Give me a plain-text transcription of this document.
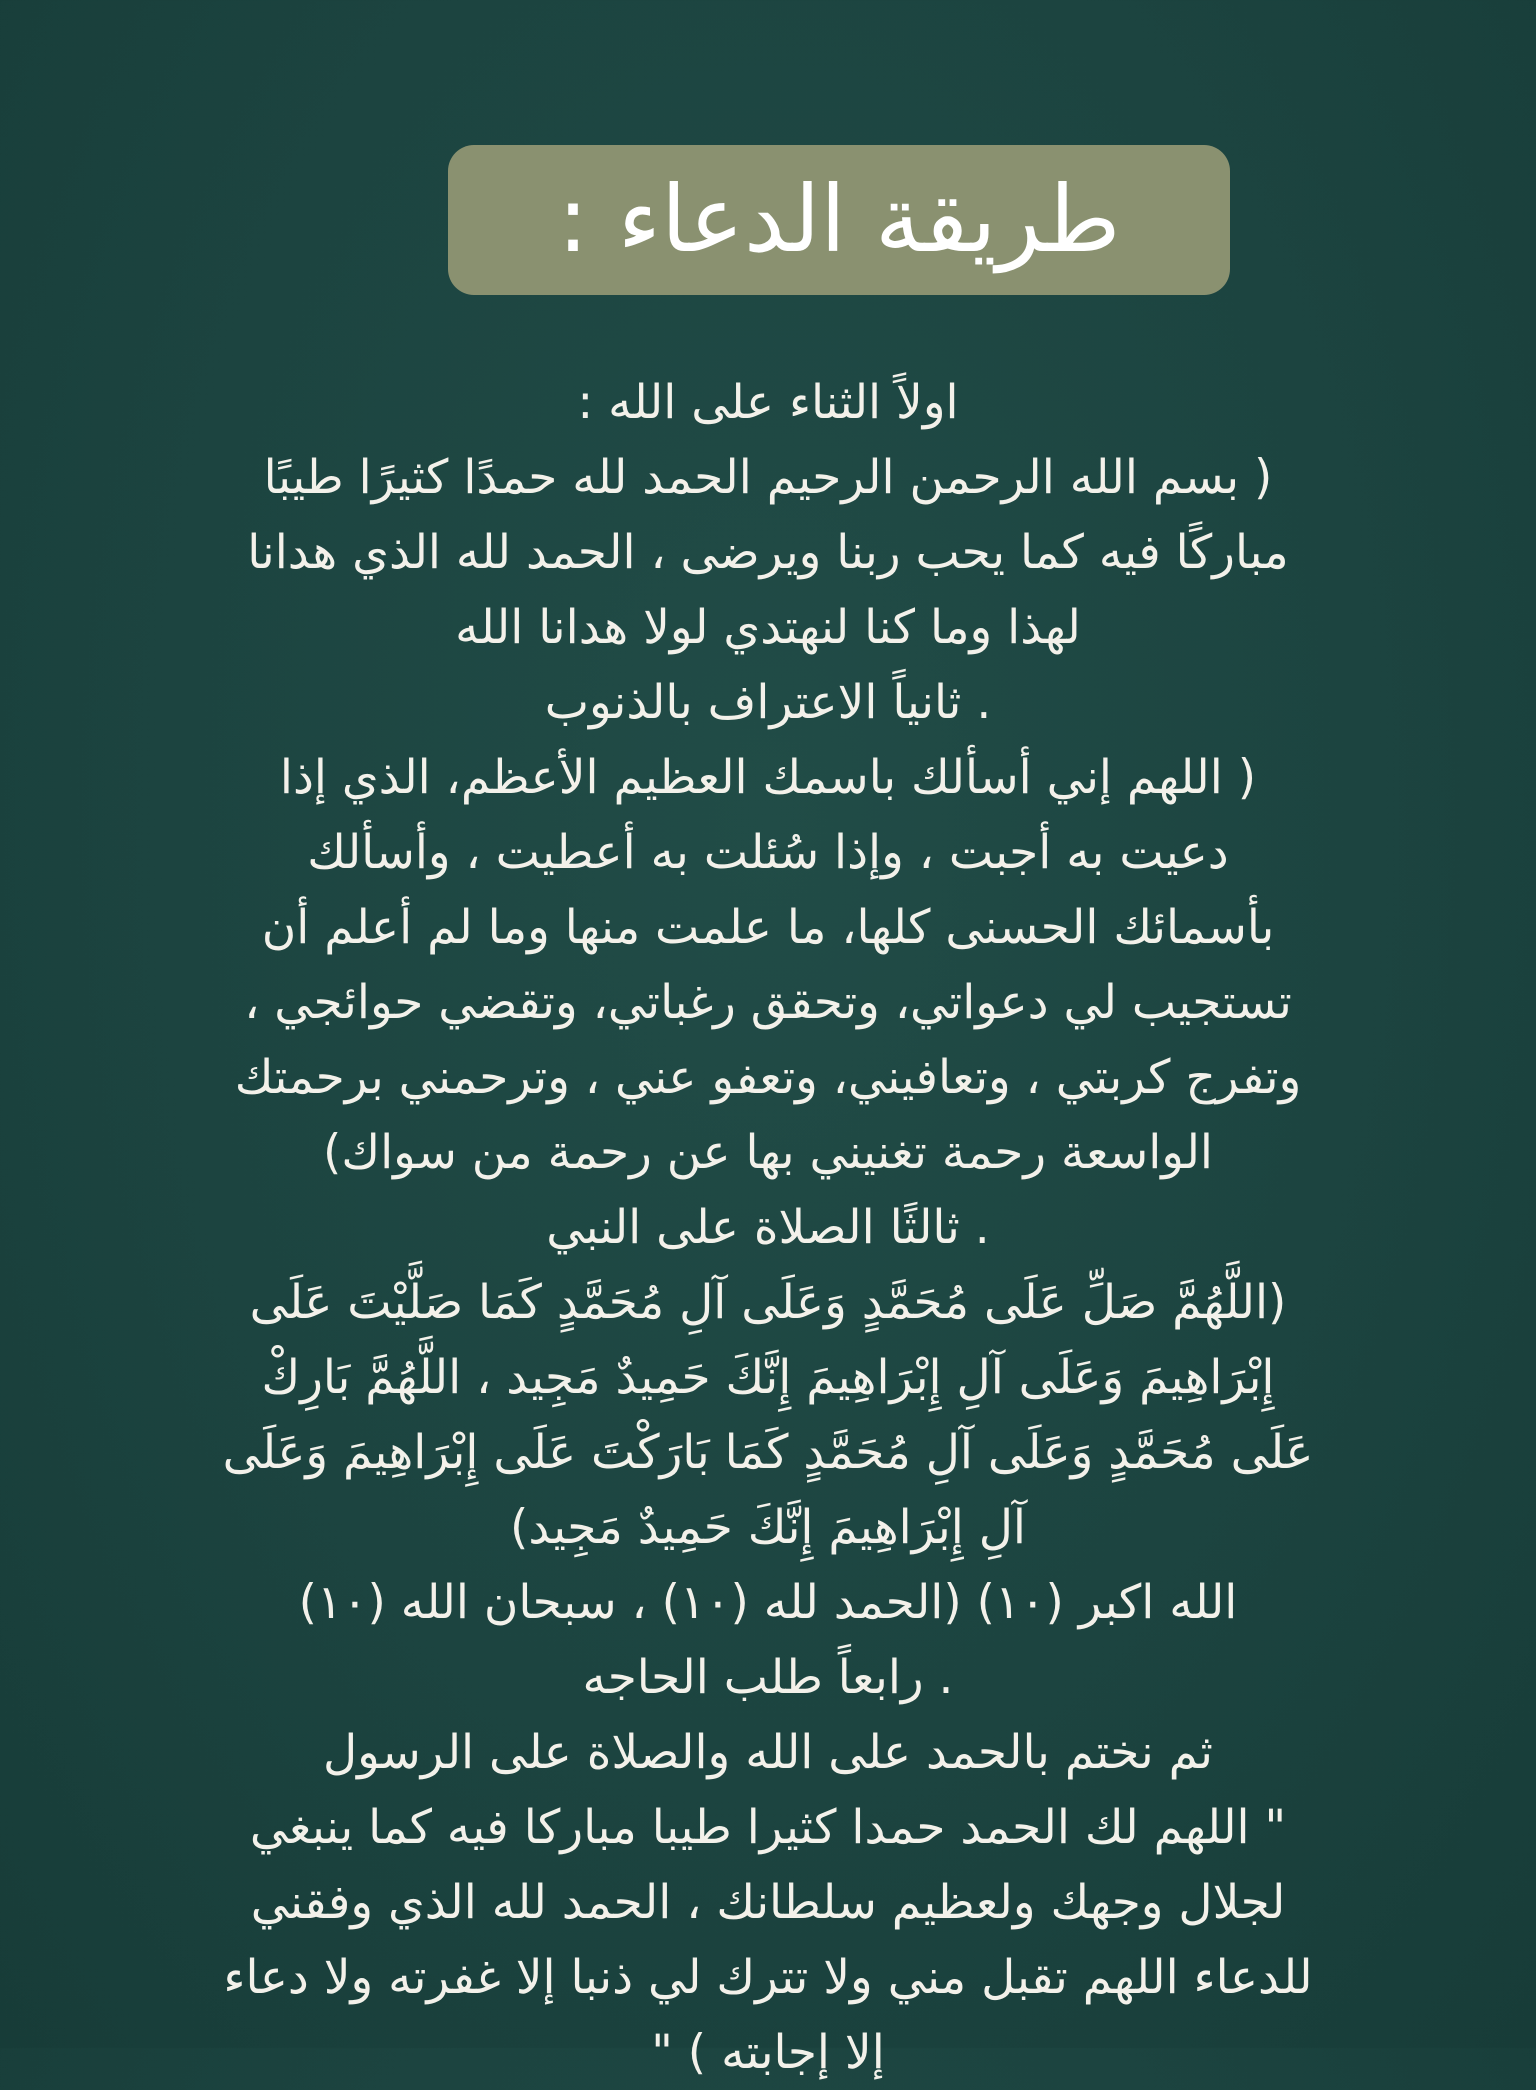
طريقة الدعاء :
اولاً الثناء على الله :
( بسم الله الرحمن الرحيم الحمد لله حمدًا كثيرًا طيبًا
مباركًا فيه كما يحب ربنا ويرضى ، الحمد لله الذي هدانا
لهذا وما كنا لنهتدي لولا هدانا الله
. ثانياً الاعتراف بالذنوب
( اللهم إني أسألك باسمك العظيم الأعظم، الذي إذا
دعيت به أجبت ، وإذا سُئلت به أعطيت ، وأسألك
بأسمائك الحسنى كلها، ما علمت منها وما لم أعلم أن
تستجيب لي دعواتي، وتحقق رغباتي، وتقضي حوائجي ،
وتفرج كربتي ، وتعافيني، وتعفو عني ، وترحمني برحمتك
الواسعة رحمة تغنيني بها عن رحمة من سواك)
. ثالثًا الصلاة على النبي
(اللَّهُمَّ صَلِّ عَلَى مُحَمَّدٍ وَعَلَى آلِ مُحَمَّدٍ كَمَا صَلَّيْتَ عَلَى
إِبْرَاهِيمَ وَعَلَى آلِ إِبْرَاهِيمَ إِنَّكَ حَمِيدٌ مَجِيد ، اللَّهُمَّ بَارِكْ
عَلَى مُحَمَّدٍ وَعَلَى آلِ مُحَمَّدٍ كَمَا بَارَكْتَ عَلَى إِبْرَاهِيمَ وَعَلَى
آلِ إِبْرَاهِيمَ إِنَّكَ حَمِيدٌ مَجِيد)
الله اكبر (١٠) (الحمد لله (١٠) ، سبحان الله (١٠)
. رابعاً طلب الحاجه
ثم نختم بالحمد على الله والصلاة على الرسول
" اللهم لك الحمد حمدا كثيرا طيبا مباركا فيه كما ينبغي
لجلال وجهك ولعظيم سلطانك ، الحمد لله الذي وفقني
للدعاء اللهم تقبل مني ولا تترك لي ذنبا إلا غفرته ولا دعاء
إلا إجابته ) "
